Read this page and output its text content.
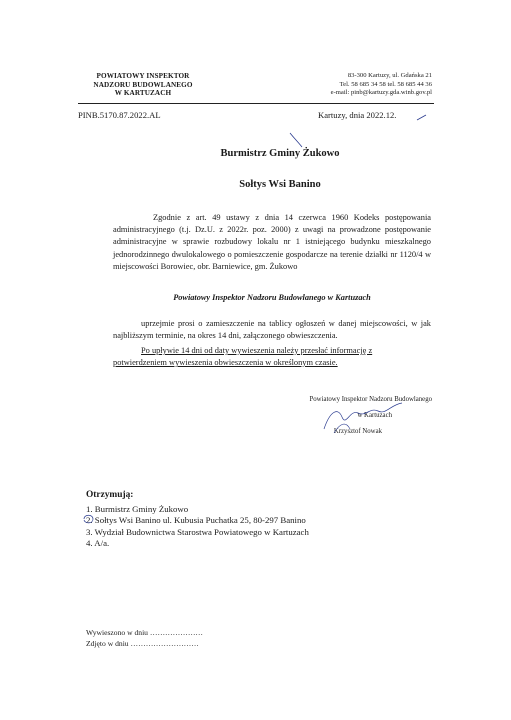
POWIATOWY INSPEKTOR
NADZORU BUDOWLANEGO
W KARTUZACH
83-300 Kartuzy, ul. Gdańska 21
Tel. 58 685 34 58 tel. 58 685 44 36
e-mail: pinb@kartuzy.gda.winb.gov.pl
PINB.5170.87.2022.AL	Kartuzy, dnia 2022.12.
Burmistrz Gminy Żukowo
Sołtys Wsi Banino

Zgodnie z art. 49 ustawy z dnia 14 czerwca 1960 Kodeks postępowania administracyjnego (t.j. Dz.U. z 2022r. poz. 2000) z uwagi na prowadzone postępowanie administracyjne w sprawie rozbudowy lokalu nr 1 istniejącego budynku mieszkalnego jednorodzinnego dwulokalowego o pomieszczenie gospodarcze na terenie działki nr 1120/4 w miejscowości Borowiec, obr. Barniewice, gm. Żukowo

Powiatowy Inspektor Nadzoru Budowlanego w Kartuzach

uprzejmie prosi o zamieszczenie na tablicy ogłoszeń w danej miejscowości, w jak najbliższym terminie, na okres 14 dni, załączonego obwieszczenia.

Po upływie 14 dni od daty wywieszenia należy przesłać informację z
potwierdzeniem wywieszenia obwieszczenia w określonym czasie.
Powiatowy Inspektor Nadzoru Budowlanego
w Kartuzach
Krzysztof Nowak
Otrzymują:
1. Burmistrz Gminy Żukowo
2. Sołtys Wsi Banino ul. Kubusia Puchatka 25, 80-297 Banino
3. Wydział Budownictwa Starostwa Powiatowego w Kartuzach
4. A/a.
Wywieszono w dniu …………………
Zdjęto w dniu ………………………
